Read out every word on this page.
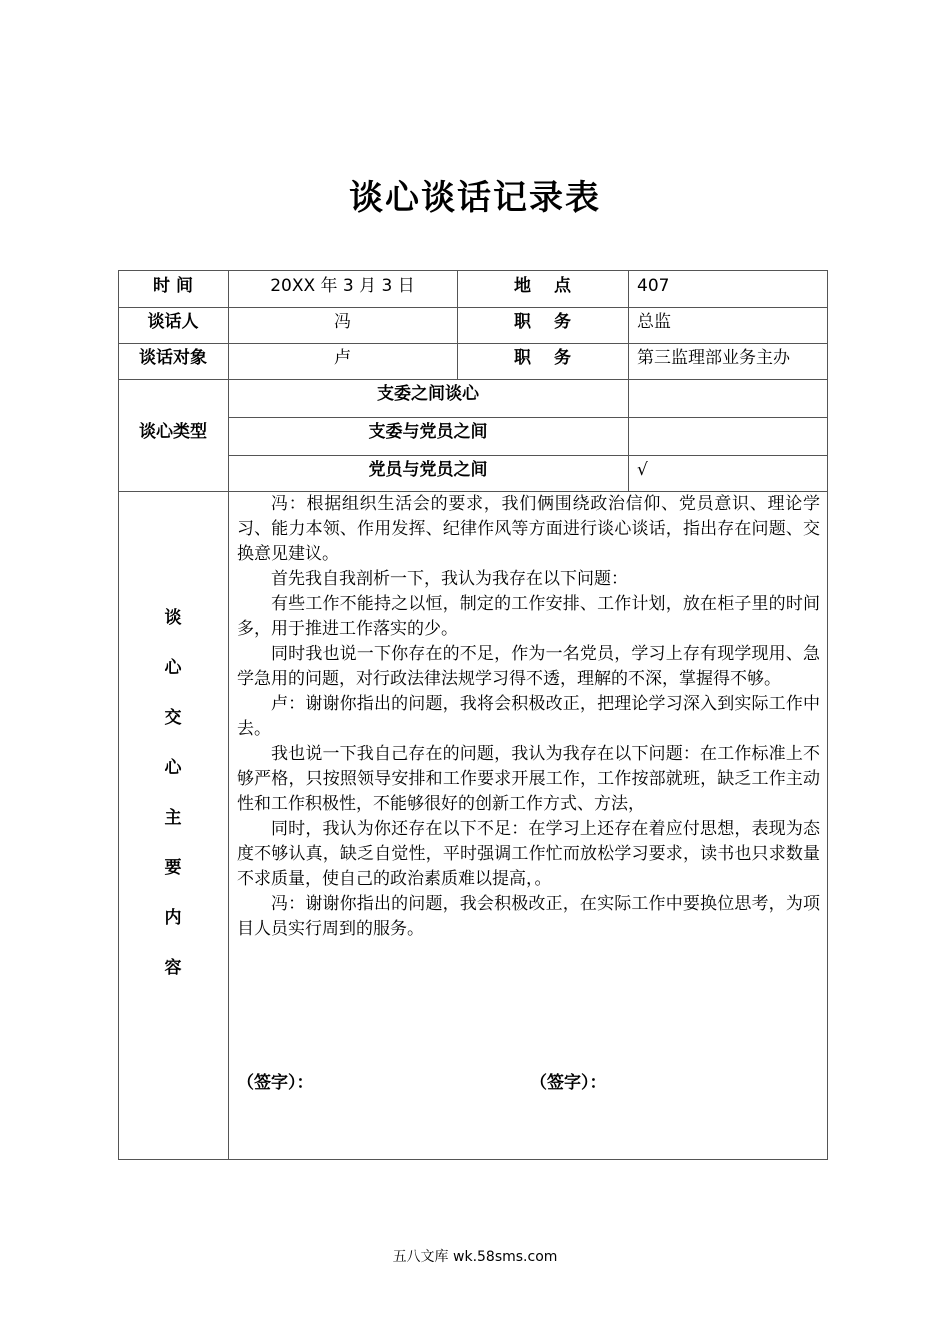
谈心谈话记录表
时 间	20XX 年 3 月 3 日	地　 点	407
谈话人	冯	职　 务	总监
谈话对象	卢	职　 务	第三监理部业务主办
谈心类型
支委之间谈心
支委与党员之间
党员与党员之间	√
谈
心
交
心
主
要
内
容

冯：根据组织生活会的要求，我们俩围绕政治信仰、党员意识、理论学习、能力本领、作用发挥、纪律作风等方面进行谈心谈话，指出存在问题、交换意见建议。

首先我自我剖析一下，我认为我存在以下问题：

有些工作不能持之以恒，制定的工作安排、工作计划，放在柜子里的时间多，用于推进工作落实的少。

同时我也说一下你存在的不足，作为一名党员，学习上存有现学现用、急学急用的问题，对行政法律法规学习得不透，理解的不深，掌握得不够。

卢：谢谢你指出的问题，我将会积极改正，把理论学习深入到实际工作中去。

我也说一下我自己存在的问题，我认为我存在以下问题：在工作标准上不够严格，只按照领导安排和工作要求开展工作，工作按部就班，缺乏工作主动性和工作积极性，不能够很好的创新工作方式、方法，

同时，我认为你还存在以下不足：在学习上还存在着应付思想，表现为态度不够认真，缺乏自觉性，平时强调工作忙而放松学习要求，读书也只求数量不求质量，使自己的政治素质难以提高，。

冯：谢谢你指出的问题，我会积极改正，在实际工作中要换位思考，为项目人员实行周到的服务。

（签字）：	（签字）：
五八文库 wk.58sms.com
